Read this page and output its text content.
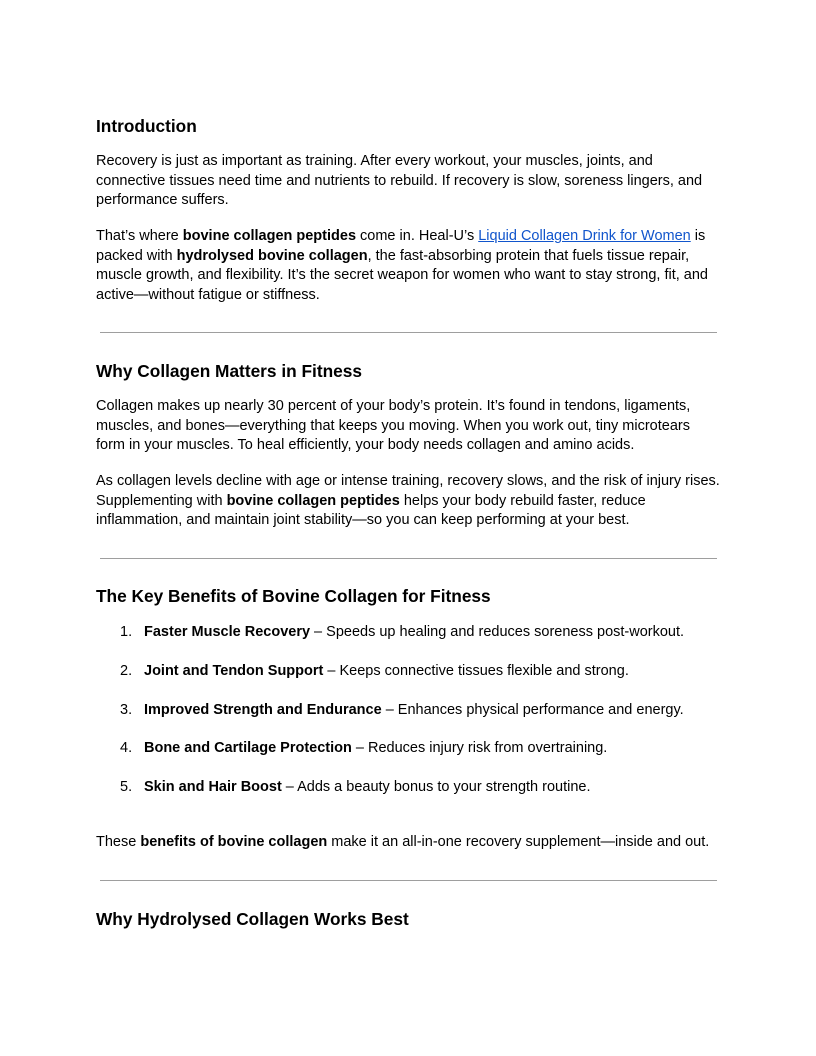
Introduction

Recovery is just as important as training. After every workout, your muscles, joints, and connective tissues need time and nutrients to rebuild. If recovery is slow, soreness lingers, and performance suffers.

That’s where bovine collagen peptides come in. Heal-U’s Liquid Collagen Drink for Women is packed with hydrolysed bovine collagen, the fast-absorbing protein that fuels tissue repair, muscle growth, and flexibility. It’s the secret weapon for women who want to stay strong, fit, and active—without fatigue or stiffness.

Why Collagen Matters in Fitness

Collagen makes up nearly 30 percent of your body’s protein. It’s found in tendons, ligaments, muscles, and bones—everything that keeps you moving. When you work out, tiny microtears form in your muscles. To heal efficiently, your body needs collagen and amino acids.

As collagen levels decline with age or intense training, recovery slows, and the risk of injury rises. Supplementing with bovine collagen peptides helps your body rebuild faster, reduce inflammation, and maintain joint stability—so you can keep performing at your best.

The Key Benefits of Bovine Collagen for Fitness
1. Faster Muscle Recovery – Speeds up healing and reduces soreness post-workout.
2. Joint and Tendon Support – Keeps connective tissues flexible and strong.
3. Improved Strength and Endurance – Enhances physical performance and energy.
4. Bone and Cartilage Protection – Reduces injury risk from overtraining.
5. Skin and Hair Boost – Adds a beauty bonus to your strength routine.

These benefits of bovine collagen make it an all-in-one recovery supplement—inside and out.

Why Hydrolysed Collagen Works Best
